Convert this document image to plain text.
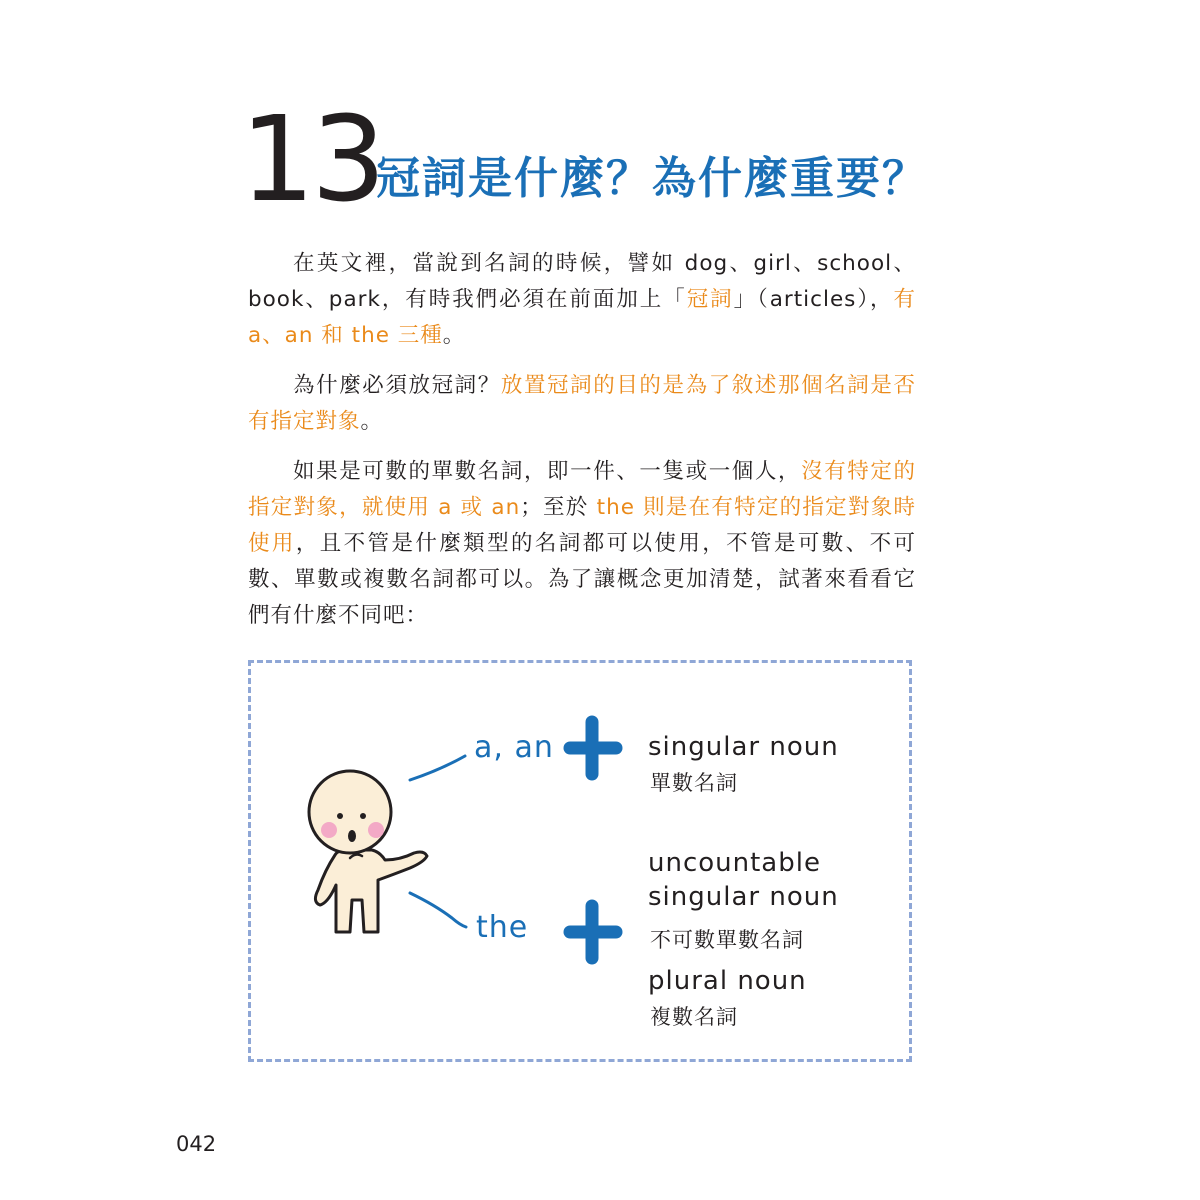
13
冠詞是什麼？為什麼重要？

在英文裡，當說到名詞的時候，譬如 dog、girl、school、book、park，有時我們必須在前面加上「冠詞」（articles），有 a、an 和 the 三種。

為什麼必須放冠詞？放置冠詞的目的是為了敘述那個名詞是否有指定對象。

如果是可數的單數名詞，即一件、一隻或一個人，沒有特定的指定對象，就使用 a 或 an；至於 the 則是在有特定的指定對象時使用，且不管是什麼類型的名詞都可以使用，不管是可數、不可數、單數或複數名詞都可以。為了讓概念更加清楚，試著來看看它們有什麼不同吧：

a, an
the
singular noun
單數名詞
uncountable
singular noun
不可數單數名詞
plural noun
複數名詞
042
